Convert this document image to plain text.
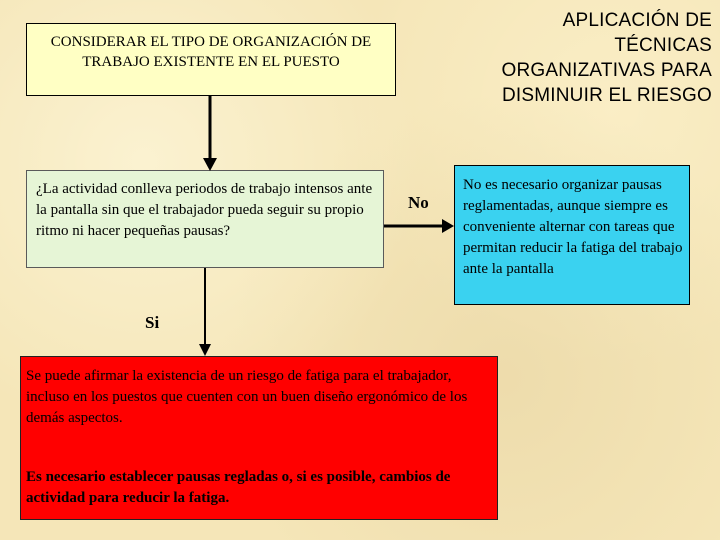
APLICACIÓN DE TÉCNICAS ORGANIZATIVAS PARA DISMINUIR EL RIESGO
CONSIDERAR EL TIPO DE ORGANIZACIÓN DE TRABAJO EXISTENTE EN EL PUESTO
¿La actividad conlleva periodos de trabajo intensos ante la pantalla sin que el trabajador pueda seguir su propio ritmo ni hacer pequeñas pausas?
No es necesario organizar pausas reglamentadas, aunque siempre es conveniente alternar con tareas que permitan reducir la fatiga del trabajo ante la pantalla
Se puede afirmar la existencia de un riesgo de fatiga para el trabajador, incluso en los puestos que cuenten con un buen diseño ergonómico de los demás aspectos.
Es necesario establecer pausas regladas o, si es posible, cambios de actividad para reducir la fatiga.
No
Si
